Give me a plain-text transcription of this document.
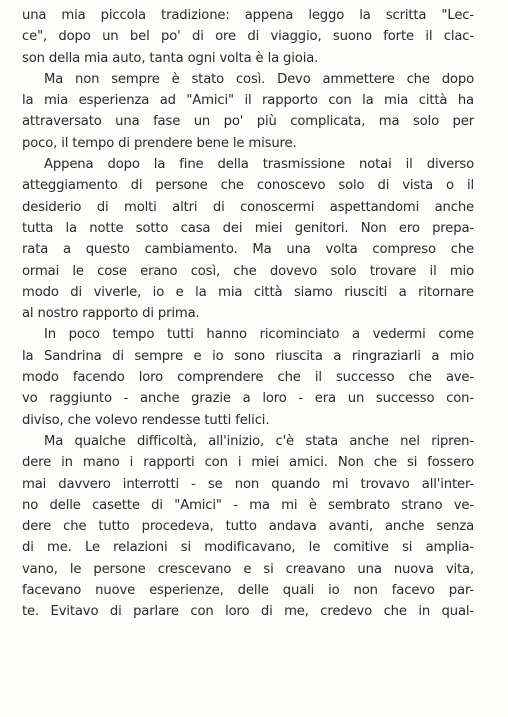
una mia piccola tradizione: appena leggo la scritta "Lec-
ce", dopo un bel po' di ore di viaggio, suono forte il clac-
son della mia auto, tanta ogni volta è la gioia.
Ma non sempre è stato così. Devo ammettere che dopo
la mia esperienza ad "Amici" il rapporto con la mia città ha
attraversato una fase un po' più complicata, ma solo per
poco, il tempo di prendere bene le misure.
Appena dopo la fine della trasmissione notai il diverso
atteggiamento di persone che conoscevo solo di vista o il
desiderio di molti altri di conoscermi aspettandomi anche
tutta la notte sotto casa dei miei genitori. Non ero prepa-
rata a questo cambiamento. Ma una volta compreso che
ormai le cose erano così, che dovevo solo trovare il mio
modo di viverle, io e la mia città siamo riusciti a ritornare
al nostro rapporto di prima.
In poco tempo tutti hanno ricominciato a vedermi come
la Sandrina di sempre e io sono riuscita a ringraziarli a mio
modo facendo loro comprendere che il successo che ave-
vo raggiunto - anche grazie a loro - era un successo con-
diviso, che volevo rendesse tutti felici.
Ma qualche difficoltà, all'inizio, c'è stata anche nel ripren-
dere in mano i rapporti con i miei amici. Non che si fossero
mai davvero interrotti - se non quando mi trovavo all'inter-
no delle casette di "Amici" - ma mi è sembrato strano ve-
dere che tutto procedeva, tutto andava avanti, anche senza
di me. Le relazioni si modificavano, le comitive si amplia-
vano, le persone crescevano e si creavano una nuova vita,
facevano nuove esperienze, delle quali io non facevo par-
te. Evitavo di parlare con loro di me, credevo che in qual-
